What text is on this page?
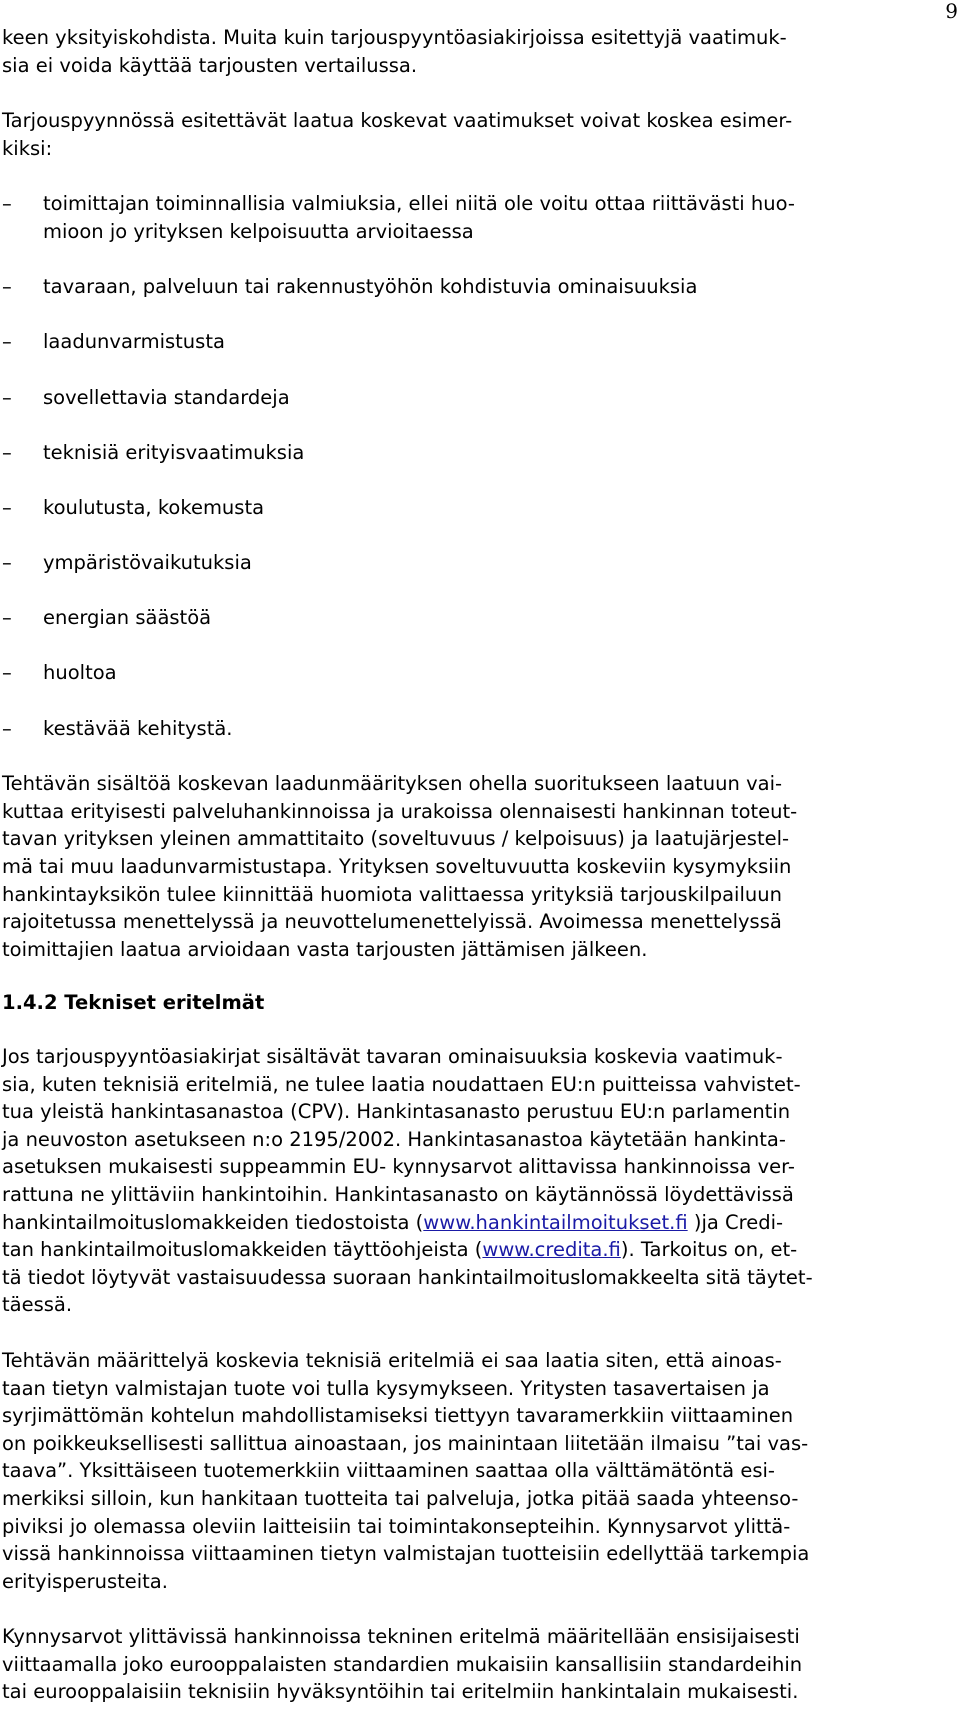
9

keen yksityiskohdista. Muita kuin tarjouspyyntöasiakirjoissa esitettyjä vaatimuk-
sia ei voida käyttää tarjousten vertailussa.

Tarjouspyynnössä esitettävät laatua koskevat vaatimukset voivat koskea esimer-
kiksi:

– toimittajan toiminnallisia valmiuksia, ellei niitä ole voitu ottaa riittävästi huo-
mioon jo yrityksen kelpoisuutta arvioitaessa
– tavaraan, palveluun tai rakennustyöhön kohdistuvia ominaisuuksia
– laadunvarmistusta
– sovellettavia standardeja
– teknisiä erityisvaatimuksia
– koulutusta, kokemusta
– ympäristövaikutuksia
– energian säästöä
– huoltoa
– kestävää kehitystä.

Tehtävän sisältöä koskevan laadunmäärityksen ohella suoritukseen laatuun vai-
kuttaa erityisesti palveluhankinnoissa ja urakoissa olennaisesti hankinnan toteut-
tavan yrityksen yleinen ammattitaito (soveltuvuus / kelpoisuus) ja laatujärjestel-
mä tai muu laadunvarmistustapa. Yrityksen soveltuvuutta koskeviin kysymyksiin
hankintayksikön tulee kiinnittää huomiota valittaessa yrityksiä tarjouskilpailuun
rajoitetussa menettelyssä ja neuvottelumenettelyissä. Avoimessa menettelyssä
toimittajien laatua arvioidaan vasta tarjousten jättämisen jälkeen.

1.4.2 Tekniset eritelmät

Jos tarjouspyyntöasiakirjat sisältävät tavaran ominaisuuksia koskevia vaatimuk-
sia, kuten teknisiä eritelmiä, ne tulee laatia noudattaen EU:n puitteissa vahvistet-
tua yleistä hankintasanastoa (CPV). Hankintasanasto perustuu EU:n parlamentin
ja neuvoston asetukseen n:o 2195/2002. Hankintasanastoa käytetään hankinta-
asetuksen mukaisesti suppeammin EU- kynnysarvot alittavissa hankinnoissa ver-
rattuna ne ylittäviin hankintoihin. Hankintasanasto on käytännössä löydettävissä
hankintailmoituslomakkeiden tiedostoista (www.hankintailmoitukset.fi )ja Credi-
tan hankintailmoituslomakkeiden täyttöohjeista (www.credita.fi). Tarkoitus on, et-
tä tiedot löytyvät vastaisuudessa suoraan hankintailmoituslomakkeelta sitä täytet-
täessä.

Tehtävän määrittelyä koskevia teknisiä eritelmiä ei saa laatia siten, että ainoas-
taan tietyn valmistajan tuote voi tulla kysymykseen. Yritysten tasavertaisen ja
syrjimättömän kohtelun mahdollistamiseksi tiettyyn tavaramerkkiin viittaaminen
on poikkeuksellisesti sallittua ainoastaan, jos mainintaan liitetään ilmaisu ”tai vas-
taava”. Yksittäiseen tuotemerkkiin viittaaminen saattaa olla välttämätöntä esi-
merkiksi silloin, kun hankitaan tuotteita tai palveluja, jotka pitää saada yhteenso-
piviksi jo olemassa oleviin laitteisiin tai toimintakonsepteihin. Kynnysarvot ylittä-
vissä hankinnoissa viittaaminen tietyn valmistajan tuotteisiin edellyttää tarkempia
erityisperusteita.

Kynnysarvot ylittävissä hankinnoissa tekninen eritelmä määritellään ensisijaisesti
viittaamalla joko eurooppalaisten standardien mukaisiin kansallisiin standardeihin
tai eurooppalaisiin teknisiin hyväksyntöihin tai eritelmiin hankintalain mukaisesti.
